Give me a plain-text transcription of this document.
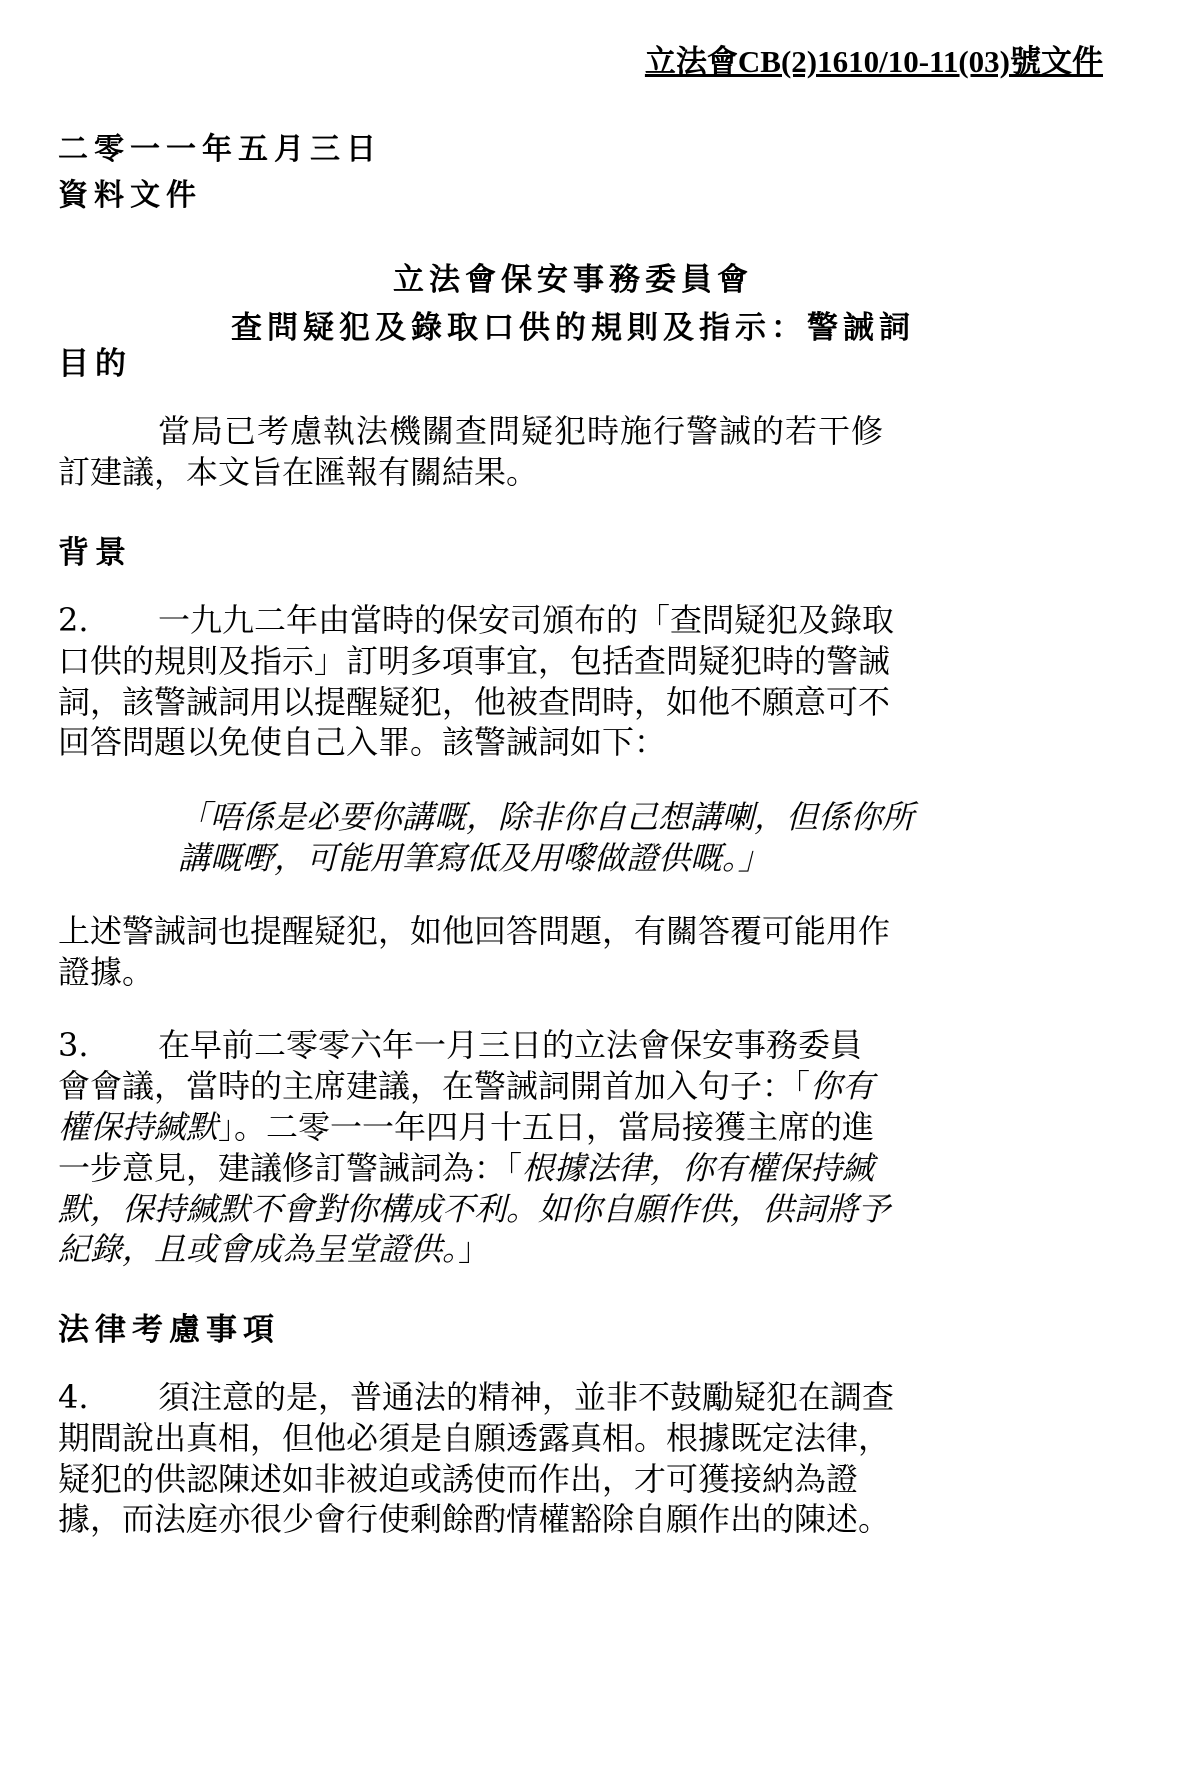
立法會CB(2)1610/10-11(03)號文件
二零一一年五月三日
資料文件
立法會保安事務委員會
查問疑犯及錄取口供的規則及指示：警誡詞
目的
當局已考慮執法機關查問疑犯時施行警誡的若干修
訂建議，本文旨在匯報有關結果。
背景
2.	一九九二年由當時的保安司頒布的「查問疑犯及錄取
口供的規則及指示」訂明多項事宜，包括查問疑犯時的警誡
詞，該警誡詞用以提醒疑犯，他被查問時，如他不願意可不
回答問題以免使自己入罪。該警誡詞如下：
「唔係是必要你講嘅，除非你自己想講喇，但係你所
講嘅嘢，可能用筆寫低及用嚟做證供嘅。」
上述警誡詞也提醒疑犯，如他回答問題，有關答覆可能用作
證據。
3.	在早前二零零六年一月三日的立法會保安事務委員
會會議，當時的主席建議，在警誡詞開首加入句子：「你有
權保持緘默」。二零一一年四月十五日，當局接獲主席的進
一步意見，建議修訂警誡詞為：「根據法律，你有權保持緘
默，保持緘默不會對你構成不利。如你自願作供，供詞將予
紀錄，且或會成為呈堂證供。」
法律考慮事項
4.	須注意的是，普通法的精神，並非不鼓勵疑犯在調查
期間說出真相，但他必須是自願透露真相。根據既定法律，
疑犯的供認陳述如非被迫或誘使而作出，才可獲接納為證
據，而法庭亦很少會行使剩餘酌情權豁除自願作出的陳述。
